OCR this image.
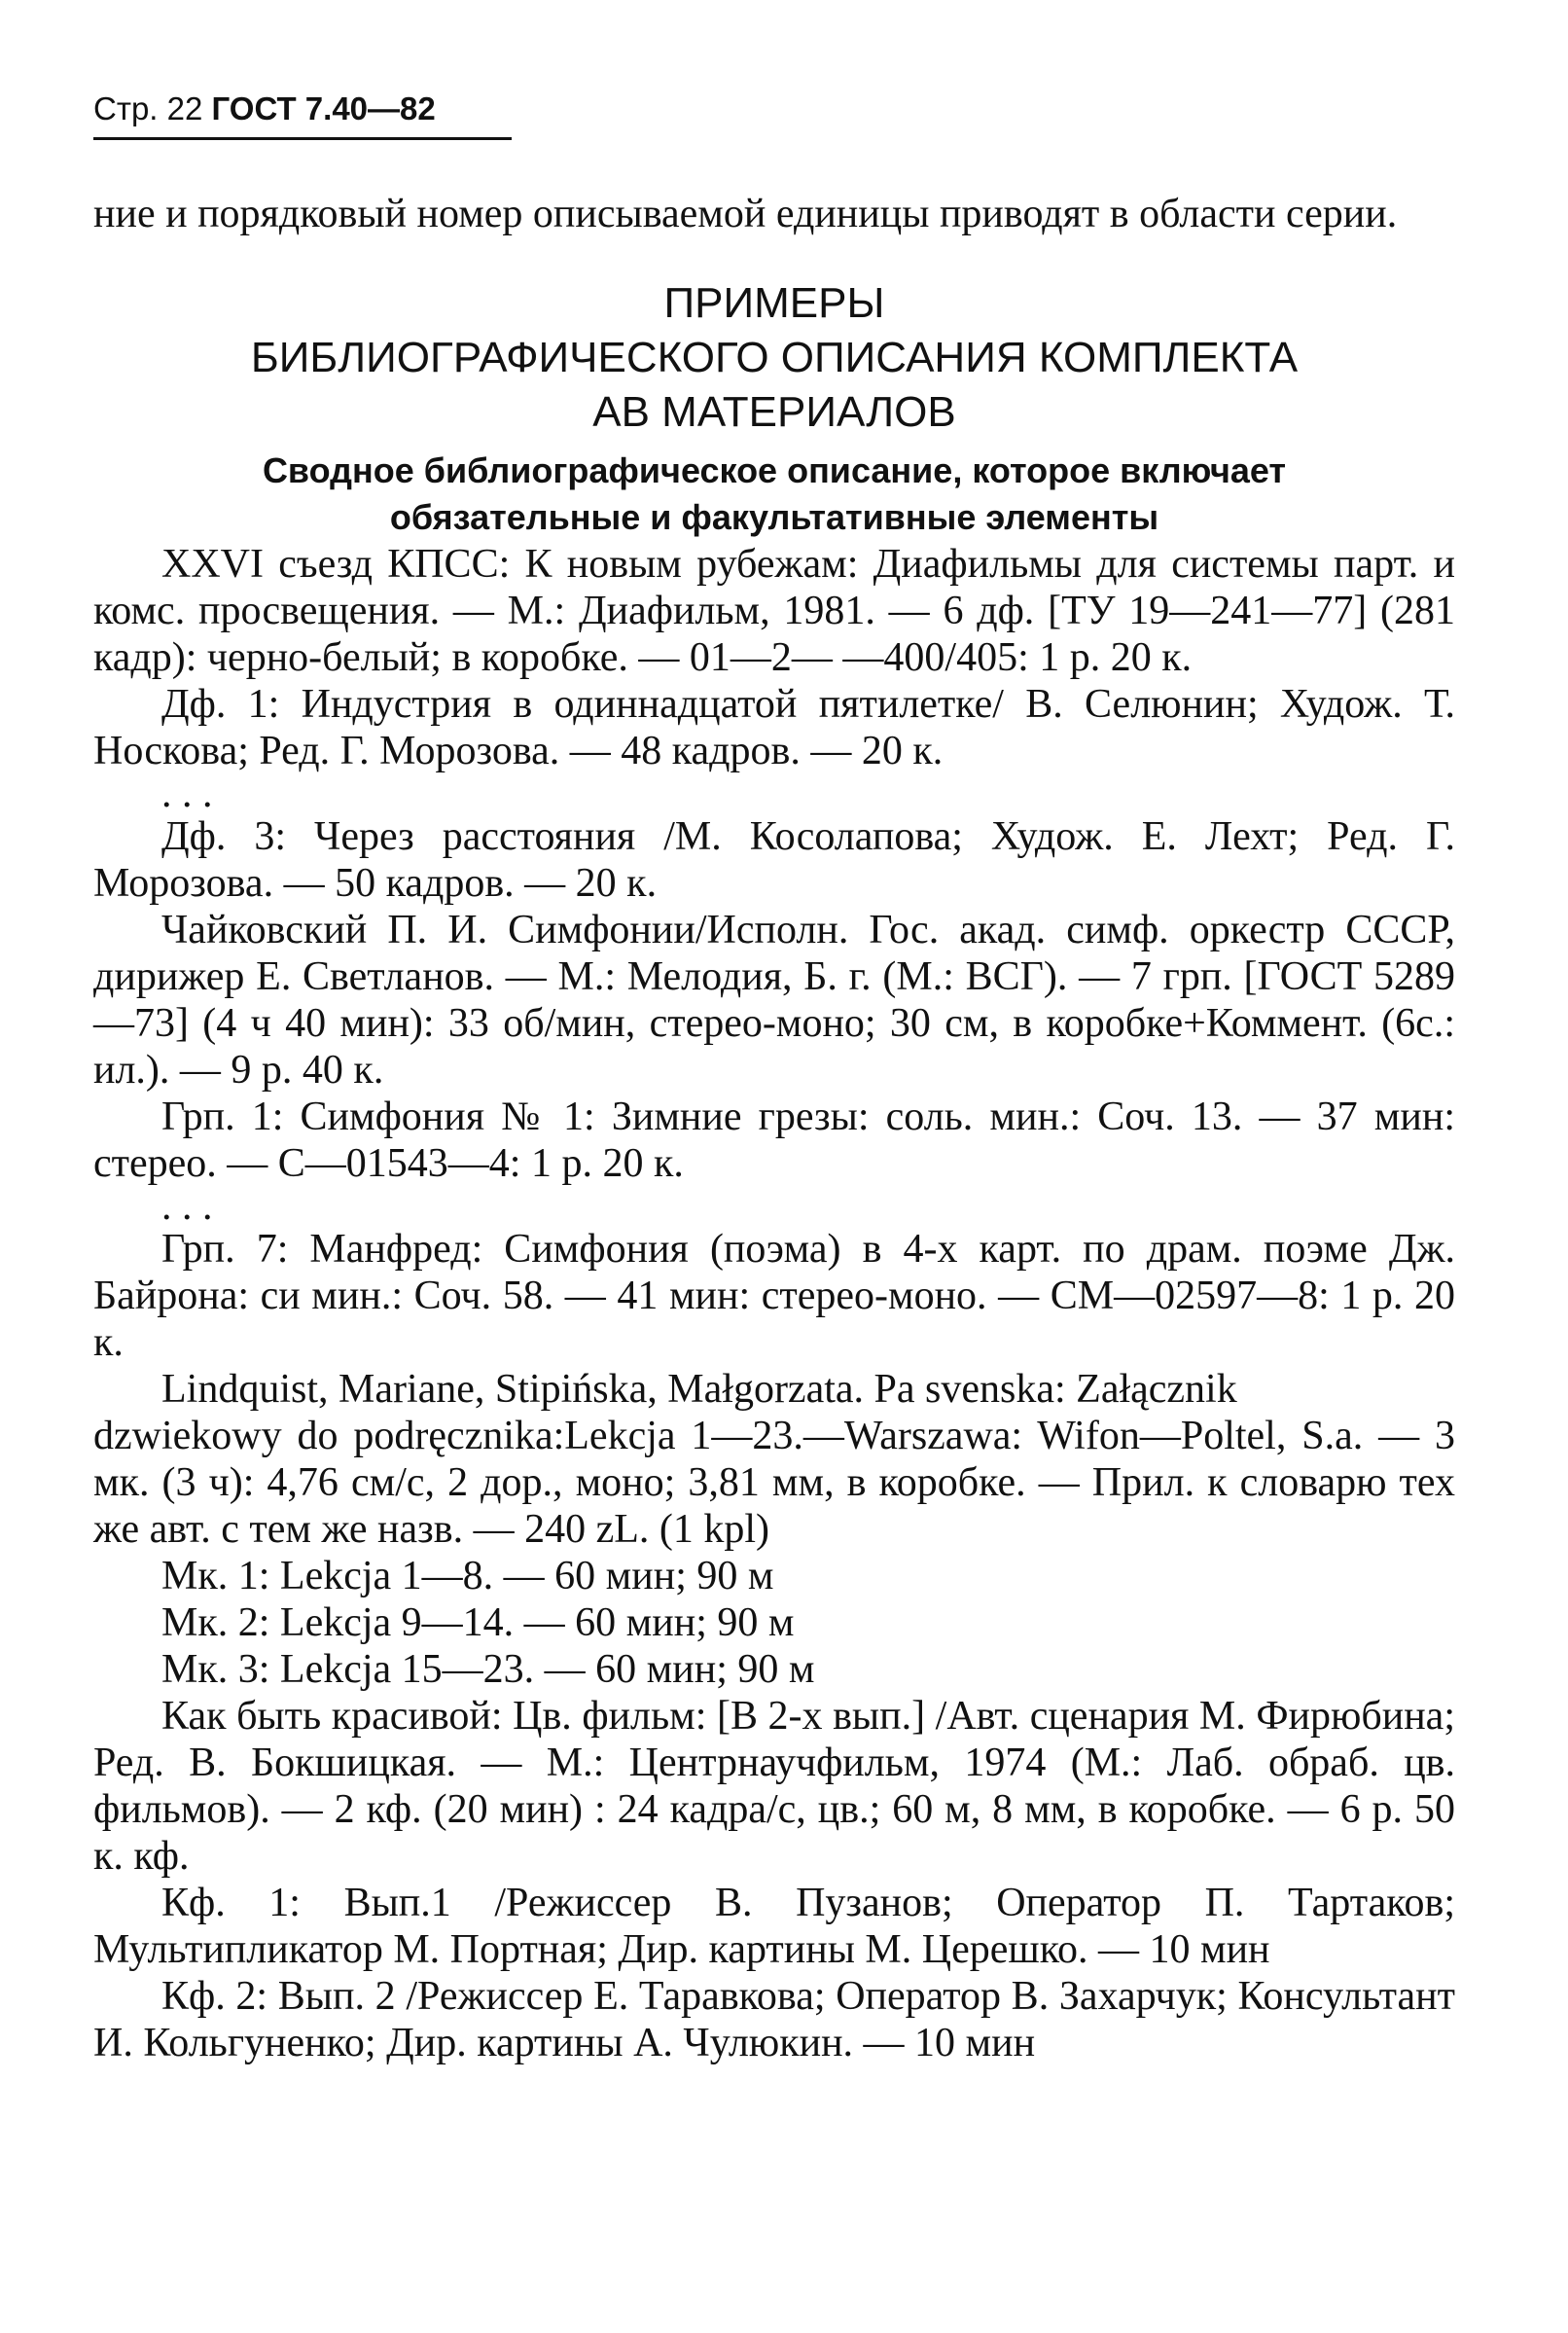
Стр. 22 ГОСТ 7.40—82

ние и порядковый номер описываемой единицы приводят в области серии.

ПРИМЕРЫ
БИБЛИОГРАФИЧЕСКОГО ОПИСАНИЯ КОМПЛЕКТА
АВ МАТЕРИАЛОВ
Сводное библиографическое описание, которое включает
обязательные и факультативные элементы

XXVI съезд КПСС: К новым рубежам: Диафильмы для системы парт. и комс. просвещения. — М.: Диафильм, 1981. — 6 дф. [ТУ 19—241—77] (281 кадр): черно-белый; в коробке. — 01—2— —400/405: 1 р. 20 к.

Дф. 1: Индустрия в одиннадцатой пятилетке/ В. Селюнин; Худож. Т. Носкова; Ред. Г. Морозова. — 48 кадров. — 20 к.

. . .

Дф. 3: Через расстояния /М. Косолапова; Худож. Е. Лехт; Ред. Г. Морозова. — 50 кадров. — 20 к.

Чайковский П. И. Симфонии/Исполн. Гос. акад. симф. оркестр СССР, дирижер Е. Светланов. — М.: Мелодия, Б. г. (М.: ВСГ). — 7 грп. [ГОСТ 5289—73] (4 ч 40 мин): 33 об/мин, стерео-моно; 30 см, в коробке+Коммент. (6с.: ил.). — 9 р. 40 к.

Грп. 1: Симфония № 1: Зимние грезы: соль. мин.: Соч. 13. — 37 мин: стерео. — С—01543—4: 1 р. 20 к.

. . .

Грп. 7: Манфред: Симфония (поэма) в 4-х карт. по драм. поэме Дж. Байрона: си мин.: Соч. 58. — 41 мин: стерео-моно. — СМ—02597—8: 1 р. 20 к.

Lindquist, Mariane, Stipińska, Małgorzata. Pa svenska: Załącznik

dzwiekowy do podręcznika:Lekcja 1—23.—Warszawa: Wifon—Poltel, S.a. — 3 мк. (3 ч): 4,76 см/с, 2 дор., моно; 3,81 мм, в коробке. — Прил. к словарю тех же авт. с тем же назв. — 240 zL. (1 kpl)

Мк. 1: Lekcja 1—8. — 60 мин; 90 м

Мк. 2: Lekcja 9—14. — 60 мин; 90 м

Мк. 3: Lekcja 15—23. — 60 мин; 90 м

Как быть красивой: Цв. фильм: [В 2-х вып.] /Авт. сценария М. Фирюбина; Ред. В. Бокшицкая. — М.: Центрнаучфильм, 1974 (М.: Лаб. обраб. цв. фильмов). — 2 кф. (20 мин) : 24 кадра/с, цв.; 60 м, 8 мм, в коробке. — 6 р. 50 к. кф.

Кф. 1: Вып.1 /Режиссер В. Пузанов; Оператор П. Тартаков; Мультипликатор М. Портная; Дир. картины М. Церешко. — 10 мин

Кф. 2: Вып. 2 /Режиссер Е. Таравкова; Оператор В. Захарчук; Консультант И. Кольгуненко; Дир. картины А. Чулюкин. — 10 мин
